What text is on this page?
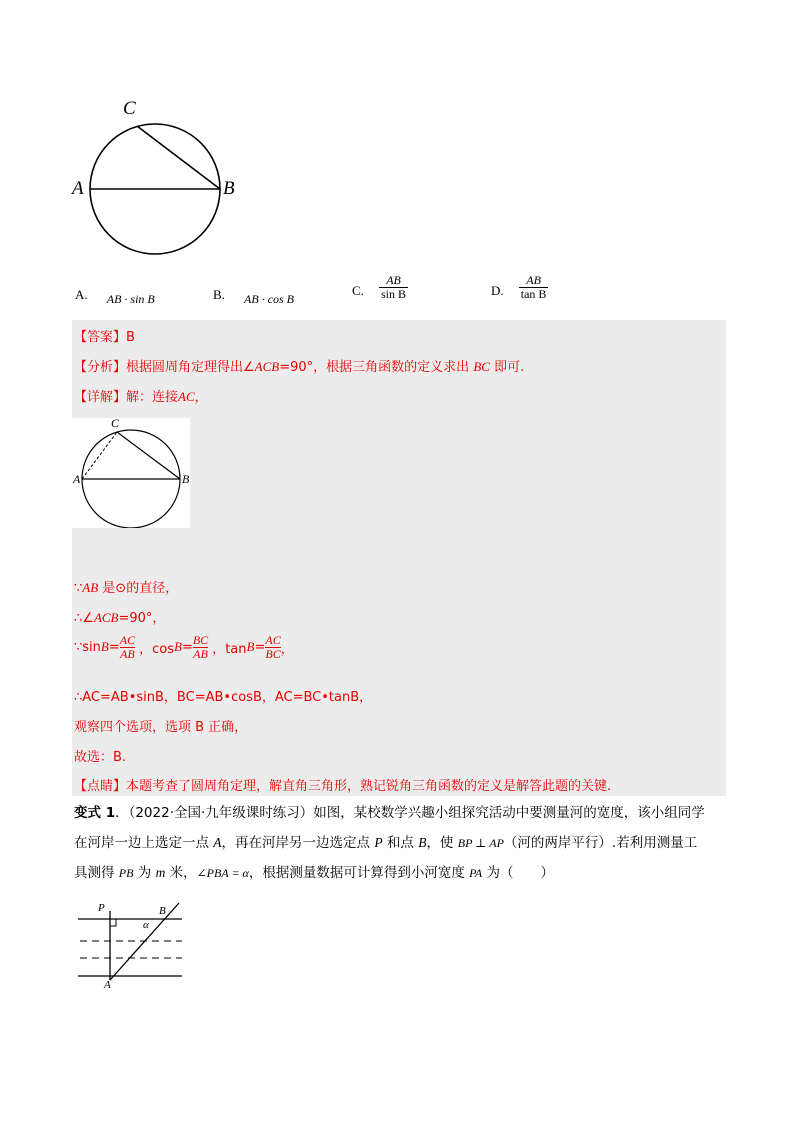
C
A	B
A. $_{AB \cdot sin B}$	B. $_{AB \cdot cos B}$
C. $\frac{AB}{\text{sin B}}$	D. $\frac{AB}{\text{tan B}}$
【答案】B
【分析】根据圆周角定理得出∠ACB=90°，根据三角函数的定义求出 BC 即可.
【详解】解：连接AC，
C
A	B
∵AB 是⊙的直径，
∴∠ACB=90°，
∵ $\sin B = \frac{AC}{AB}$ ，$\cos B = \frac{BC}{AB}$ ，$\tan B = \frac{AC}{BC}$ ，
∴AC=AB•sinB，BC=AB•cosB，AC=BC•tanB，
观察四个选项，选项 B 正确，
故选：B.
【点睛】本题考查了圆周角定理，解直角三角形，熟记锐角三角函数的定义是解答此题的关键.
变式 1．（2022·全国·九年级课时练习）如图，某校数学兴趣小组探究活动中要测量河的宽度，该小组同学
在河岸一边上选定一点 A，再在河岸另一边选定点 P 和点 B，使 BP ⊥ AP（河的两岸平行）.若利用测量工
具测得 PB 为 m 米，∠PBA = α，根据测量数据可计算得到小河宽度 PA 为（　　）
P	B
α
A
